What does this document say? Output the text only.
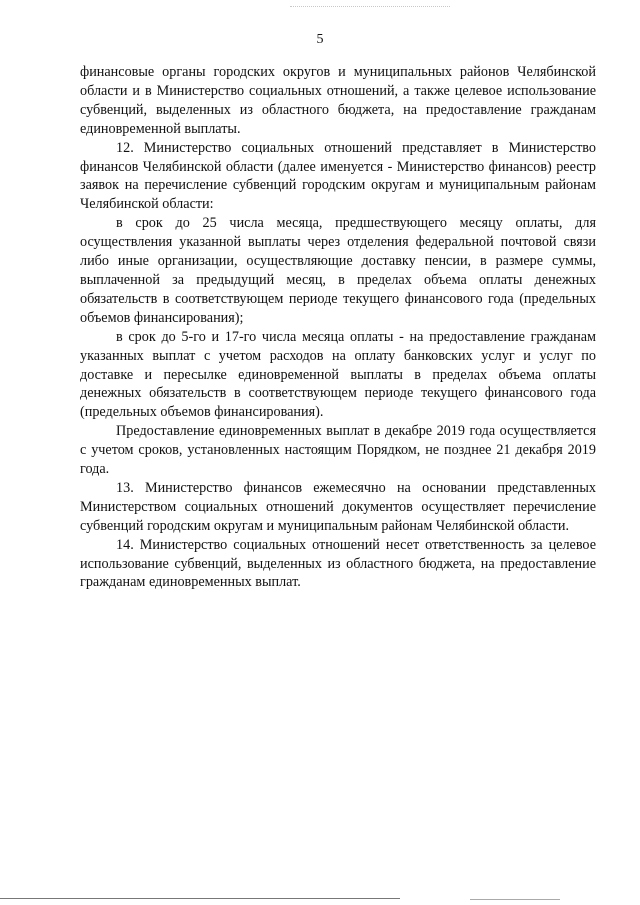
5

финансовые органы городских округов и муниципальных районов Челябинской области и в Министерство социальных отношений, а также целевое использование субвенций, выделенных из областного бюджета, на предоставление гражданам единовременной выплаты.

12. Министерство социальных отношений представляет в Министерство финансов Челябинской области (далее именуется - Министерство финансов) реестр заявок на перечисление субвенций городским округам и муниципальным районам Челябинской области:

в срок до 25 числа месяца, предшествующего месяцу оплаты, для осуществления указанной выплаты через отделения федеральной почтовой связи либо иные организации, осуществляющие доставку пенсии, в размере суммы, выплаченной за предыдущий месяц, в пределах объема оплаты денежных обязательств в соответствующем периоде текущего финансового года (предельных объемов финансирования);

в срок до 5-го и 17-го числа месяца оплаты - на предоставление гражданам указанных выплат с учетом расходов на оплату банковских услуг и услуг по доставке и пересылке единовременной выплаты в пределах объема оплаты денежных обязательств в соответствующем периоде текущего финансового года (предельных объемов финансирования).

Предоставление единовременных выплат в декабре 2019 года осуществляется с учетом сроков, установленных настоящим Порядком, не позднее 21 декабря 2019 года.

13. Министерство финансов ежемесячно на основании представленных Министерством социальных отношений документов осуществляет перечисление субвенций городским округам и муниципальным районам Челябинской области.

14. Министерство социальных отношений несет ответственность за целевое использование субвенций, выделенных из областного бюджета, на предоставление гражданам единовременных выплат.
